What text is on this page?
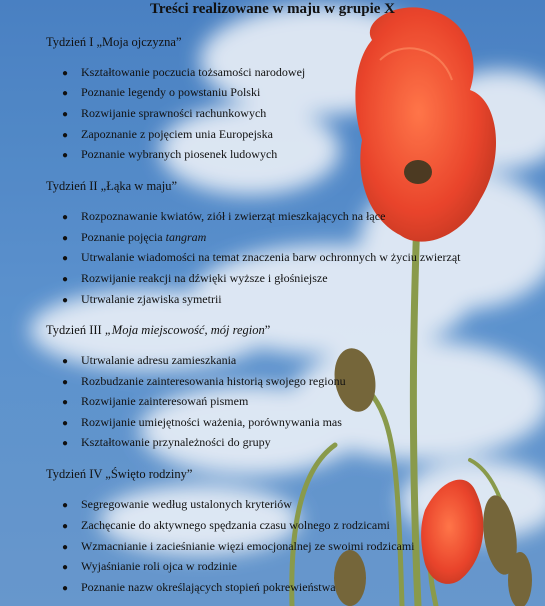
Treści realizowane w maju w grupie X
Tydzień I „Moja ojczyzna”
● Kształtowanie poczucia tożsamości narodowej
● Poznanie legendy o powstaniu Polski
● Rozwijanie sprawności rachunkowych
● Zapoznanie z pojęciem unia Europejska
● Poznanie wybranych piosenek ludowych
Tydzień II „Łąka w maju”
● Rozpoznawanie kwiatów, ziół i zwierząt mieszkających na łące
● Poznanie pojęcia tangram
● Utrwalanie wiadomości na temat znaczenia barw ochronnych w życiu zwierząt
● Rozwijanie reakcji na dźwięki wyższe i głośniejsze
● Utrwalanie zjawiska symetrii
Tydzień III „Moja miejscowość, mój region”
● Utrwalanie adresu zamieszkania
● Rozbudzanie zainteresowania historią swojego regionu
● Rozwijanie zainteresowań pismem
● Rozwijanie umiejętności ważenia, porównywania mas
● Kształtowanie przynależności do grupy
Tydzień IV „Święto rodziny”
● Segregowanie według ustalonych kryteriów
● Zachęcanie do aktywnego spędzania czasu wolnego z rodzicami
● Wzmacnianie i zacieśnianie więzi emocjonalnej ze swoimi rodzicami
● Wyjaśnianie roli ojca w rodzinie
● Poznanie nazw określających stopień pokrewieństwa
